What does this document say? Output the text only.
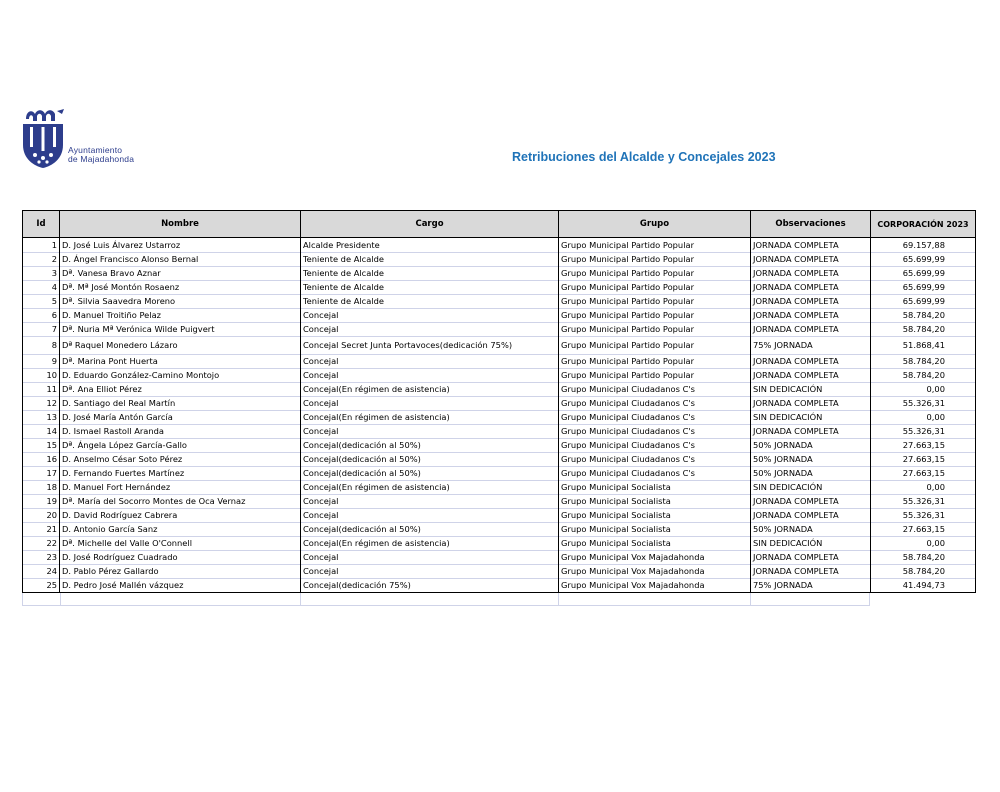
Ayuntamiento
de Majadahonda	Retribuciones del Alcalde y Concejales 2023
Id	Nombre	Cargo	Grupo	Observaciones	CORPORACIÓN 2023
1	D. José Luis Álvarez Ustarroz	Alcalde Presidente	Grupo Municipal Partido Popular	JORNADA COMPLETA	69.157,88
2	D. Ángel Francisco Alonso Bernal	Teniente de Alcalde	Grupo Municipal Partido Popular	JORNADA COMPLETA	65.699,99
3	Dª. Vanesa Bravo Aznar	Teniente de Alcalde	Grupo Municipal Partido Popular	JORNADA COMPLETA	65.699,99
4	Dª. Mª José Montón Rosaenz	Teniente de Alcalde	Grupo Municipal Partido Popular	JORNADA COMPLETA	65.699,99
5	Dª. Silvia Saavedra Moreno	Teniente de Alcalde	Grupo Municipal Partido Popular	JORNADA COMPLETA	65.699,99
6	D. Manuel Troitiño Pelaz	Concejal	Grupo Municipal Partido Popular	JORNADA COMPLETA	58.784,20
7	Dª. Nuria Mª Verónica Wilde Puigvert	Concejal	Grupo Municipal Partido Popular	JORNADA COMPLETA	58.784,20
8	Dª Raquel Monedero Lázaro	Concejal Secret Junta Portavoces(dedicación 75%)	Grupo Municipal Partido Popular	75% JORNADA	51.868,41
9	Dª. Marina Pont Huerta	Concejal	Grupo Municipal Partido Popular	JORNADA COMPLETA	58.784,20
10	D. Eduardo González-Camino Montojo	Concejal	Grupo Municipal Partido Popular	JORNADA COMPLETA	58.784,20
11	Dª. Ana Elliot Pérez	Concejal(En régimen de asistencia)	Grupo Municipal Ciudadanos C's	SIN DEDICACIÓN	0,00
12	D. Santiago del Real Martín	Concejal	Grupo Municipal Ciudadanos C's	JORNADA COMPLETA	55.326,31
13	D. José María Antón García	Concejal(En régimen de asistencia)	Grupo Municipal Ciudadanos C's	SIN DEDICACIÓN	0,00
14	D. Ismael Rastoll Aranda	Concejal	Grupo Municipal Ciudadanos C's	JORNADA COMPLETA	55.326,31
15	Dª. Ángela López García-Gallo	Concejal(dedicación al 50%)	Grupo Municipal Ciudadanos C's	50% JORNADA	27.663,15
16	D. Anselmo César Soto Pérez	Concejal(dedicación al 50%)	Grupo Municipal Ciudadanos C's	50% JORNADA	27.663,15
17	D. Fernando Fuertes Martínez	Concejal(dedicación al 50%)	Grupo Municipal Ciudadanos C's	50% JORNADA	27.663,15
18	D. Manuel Fort Hernández	Concejal(En régimen de asistencia)	Grupo Municipal Socialista	SIN DEDICACIÓN	0,00
19	Dª. María del Socorro Montes de Oca Vernaz	Concejal	Grupo Municipal Socialista	JORNADA COMPLETA	55.326,31
20	D. David Rodríguez Cabrera	Concejal	Grupo Municipal Socialista	JORNADA COMPLETA	55.326,31
21	D. Antonio García Sanz	Concejal(dedicación al 50%)	Grupo Municipal Socialista	50% JORNADA	27.663,15
22	Dª. Michelle del Valle O'Connell	Concejal(En régimen de asistencia)	Grupo Municipal Socialista	SIN DEDICACIÓN	0,00
23	D. José Rodríguez Cuadrado	Concejal	Grupo Municipal Vox Majadahonda	JORNADA COMPLETA	58.784,20
24	D. Pablo Pérez Gallardo	Concejal	Grupo Municipal Vox Majadahonda	JORNADA COMPLETA	58.784,20
25	D. Pedro José Mallén vázquez	Concejal(dedicación 75%)	Grupo Municipal Vox Majadahonda	75% JORNADA	41.494,73
